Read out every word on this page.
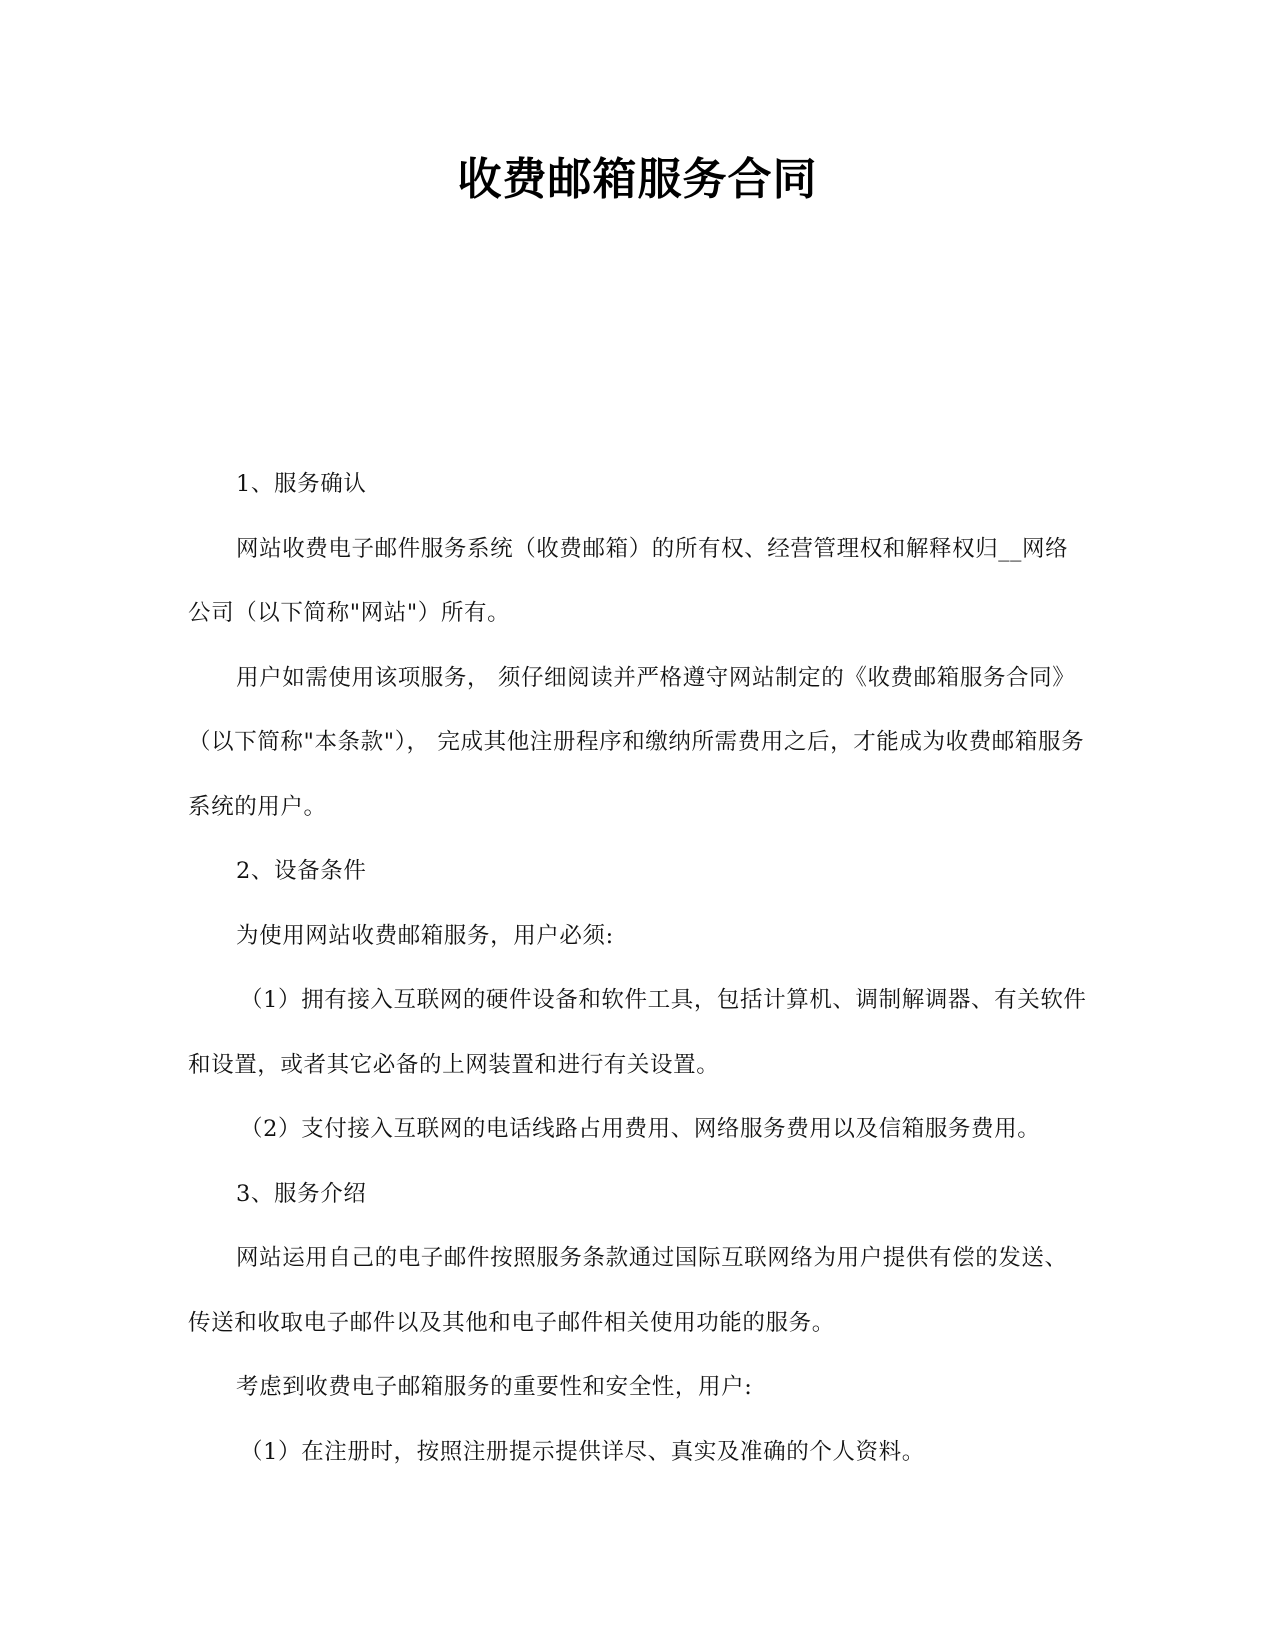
收费邮箱服务合同

1、服务确认

网站收费电子邮件服务系统（收费邮箱）的所有权、经营管理权和解释权归__网络公司（以下简称"网站"）所有。

用户如需使用该项服务， 须仔细阅读并严格遵守网站制定的《收费邮箱服务合同》（以下简称"本条款"）， 完成其他注册程序和缴纳所需费用之后，才能成为收费邮箱服务系统的用户。

2、设备条件

为使用网站收费邮箱服务，用户必须:

（1）拥有接入互联网的硬件设备和软件工具，包括计算机、调制解调器、有关软件和设置，或者其它必备的上网装置和进行有关设置。

（2）支付接入互联网的电话线路占用费用、网络服务费用以及信箱服务费用。

3、服务介绍

网站运用自己的电子邮件按照服务条款通过国际互联网络为用户提供有偿的发送、传送和收取电子邮件以及其他和电子邮件相关使用功能的服务。

考虑到收费电子邮箱服务的重要性和安全性，用户:

（1）在注册时，按照注册提示提供详尽、真实及准确的个人资料。
